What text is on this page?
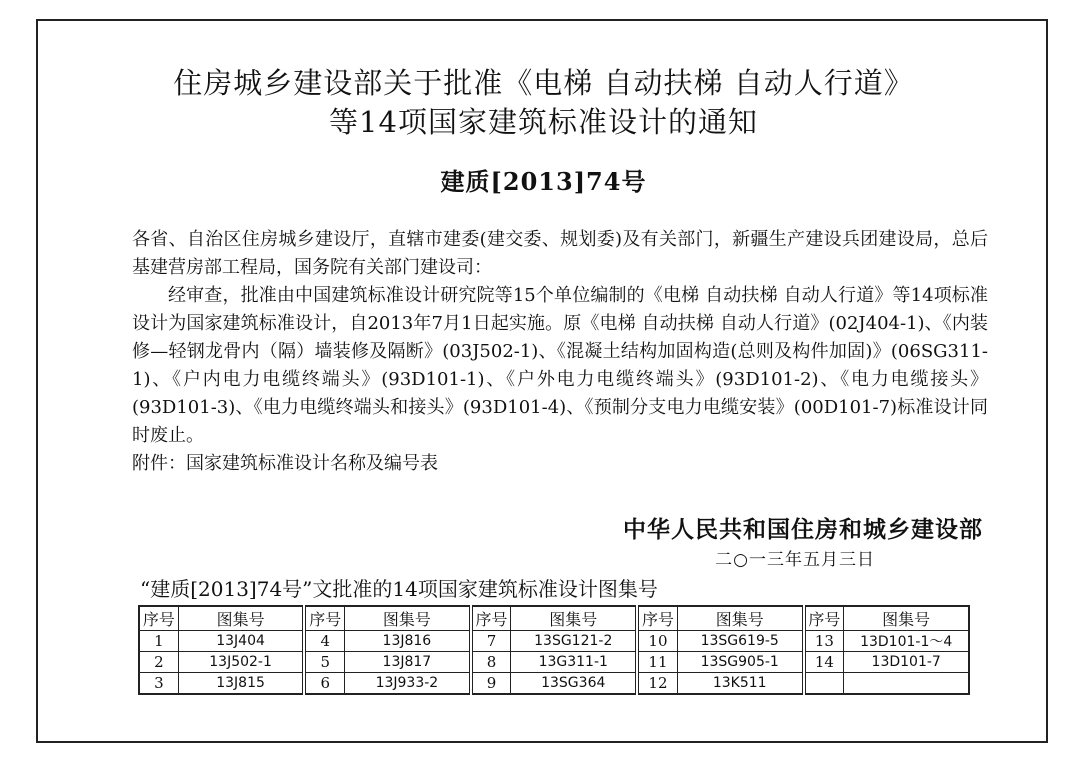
住房城乡建设部关于批准《电梯 自动扶梯 自动人行道》
等14项国家建筑标准设计的通知
建质[2013]74号

各省、自治区住房城乡建设厅，直辖市建委(建交委、规划委)及有关部门，新疆生产建设兵团建设局，总后基建营房部工程局，国务院有关部门建设司：

经审查，批准由中国建筑标准设计研究院等15个单位编制的《电梯 自动扶梯 自动人行道》等14项标准设计为国家建筑标准设计，自2013年7月1日起实施。原《电梯 自动扶梯 自动人行道》(02J404-1)、《内装修—轻钢龙骨内（隔）墙装修及隔断》(03J502-1)、《混凝土结构加固构造(总则及构件加固)》(06SG311-1)、《户内电力电缆终端头》(93D101-1)、《户外电力电缆终端头》(93D101-2)、《电力电缆接头》(93D101-3)、《电力电缆终端头和接头》(93D101-4)、《预制分支电力电缆安装》(00D101-7)标准设计同时废止。

附件：国家建筑标准设计名称及编号表

中华人民共和国住房和城乡建设部
二○一三年五月三日
“建质[2013]74号”文批准的14项国家建筑标准设计图集号
序号	图集号	序号	图集号	序号	图集号	序号	图集号	序号	图集号
1	13J404	4	13J816	7	13SG121-2	10	13SG619-5	13	13D101-1～4
2	13J502-1	5	13J817	8	13G311-1	11	13SG905-1	14	13D101-7
3	13J815	6	13J933-2	9	13SG364	12	13K511		
